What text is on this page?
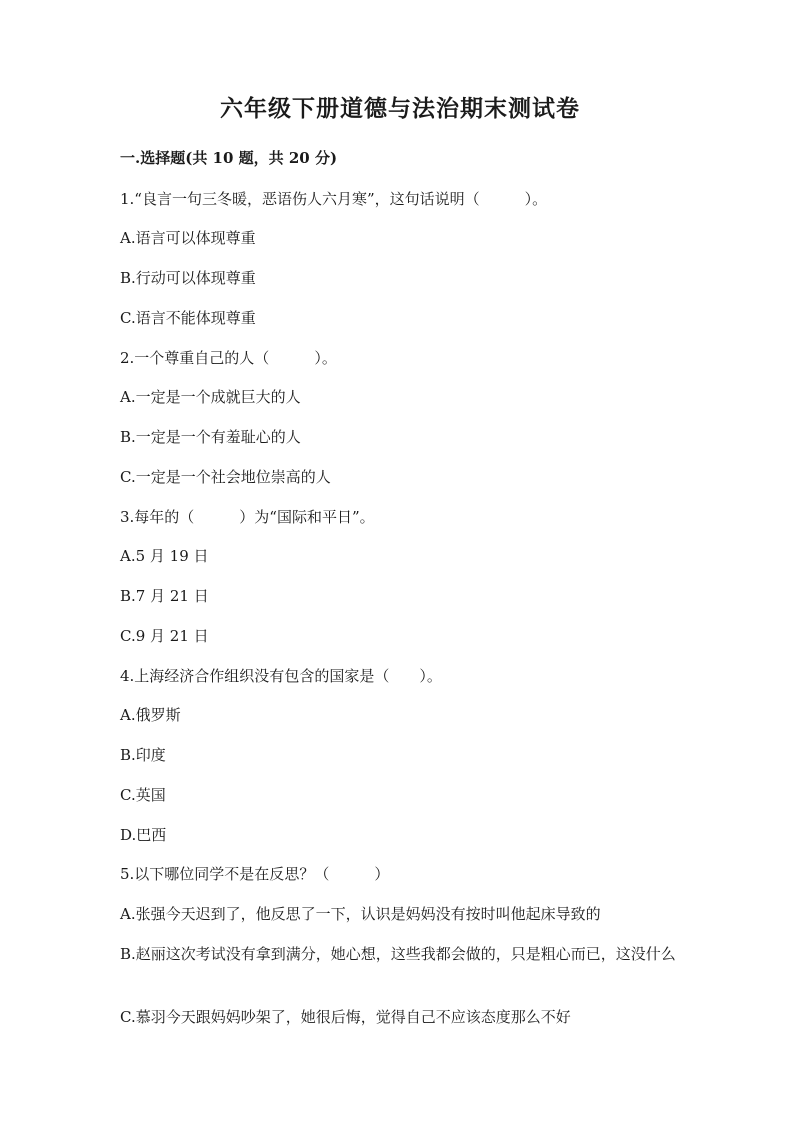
六年级下册道德与法治期末测试卷
一.选择题(共 10 题，共 20 分)
1.“良言一句三冬暖，恶语伤人六月寒”，这句话说明（　　　）。
A.语言可以体现尊重
B.行动可以体现尊重
C.语言不能体现尊重
2.一个尊重自己的人（　　　）。
A.一定是一个成就巨大的人
B.一定是一个有羞耻心的人
C.一定是一个社会地位崇高的人
3.每年的（　　　）为“国际和平日”。
A.5 月 19 日
B.7 月 21 日
C.9 月 21 日
4.上海经济合作组织没有包含的国家是（　　）。
A.俄罗斯
B.印度
C.英国
D.巴西
5.以下哪位同学不是在反思？（　　　）
A.张强今天迟到了，他反思了一下，认识是妈妈没有按时叫他起床导致的
B.赵丽这次考试没有拿到满分，她心想，这些我都会做的，只是粗心而已，这没什么
C.慕羽今天跟妈妈吵架了，她很后悔，觉得自己不应该态度那么不好
